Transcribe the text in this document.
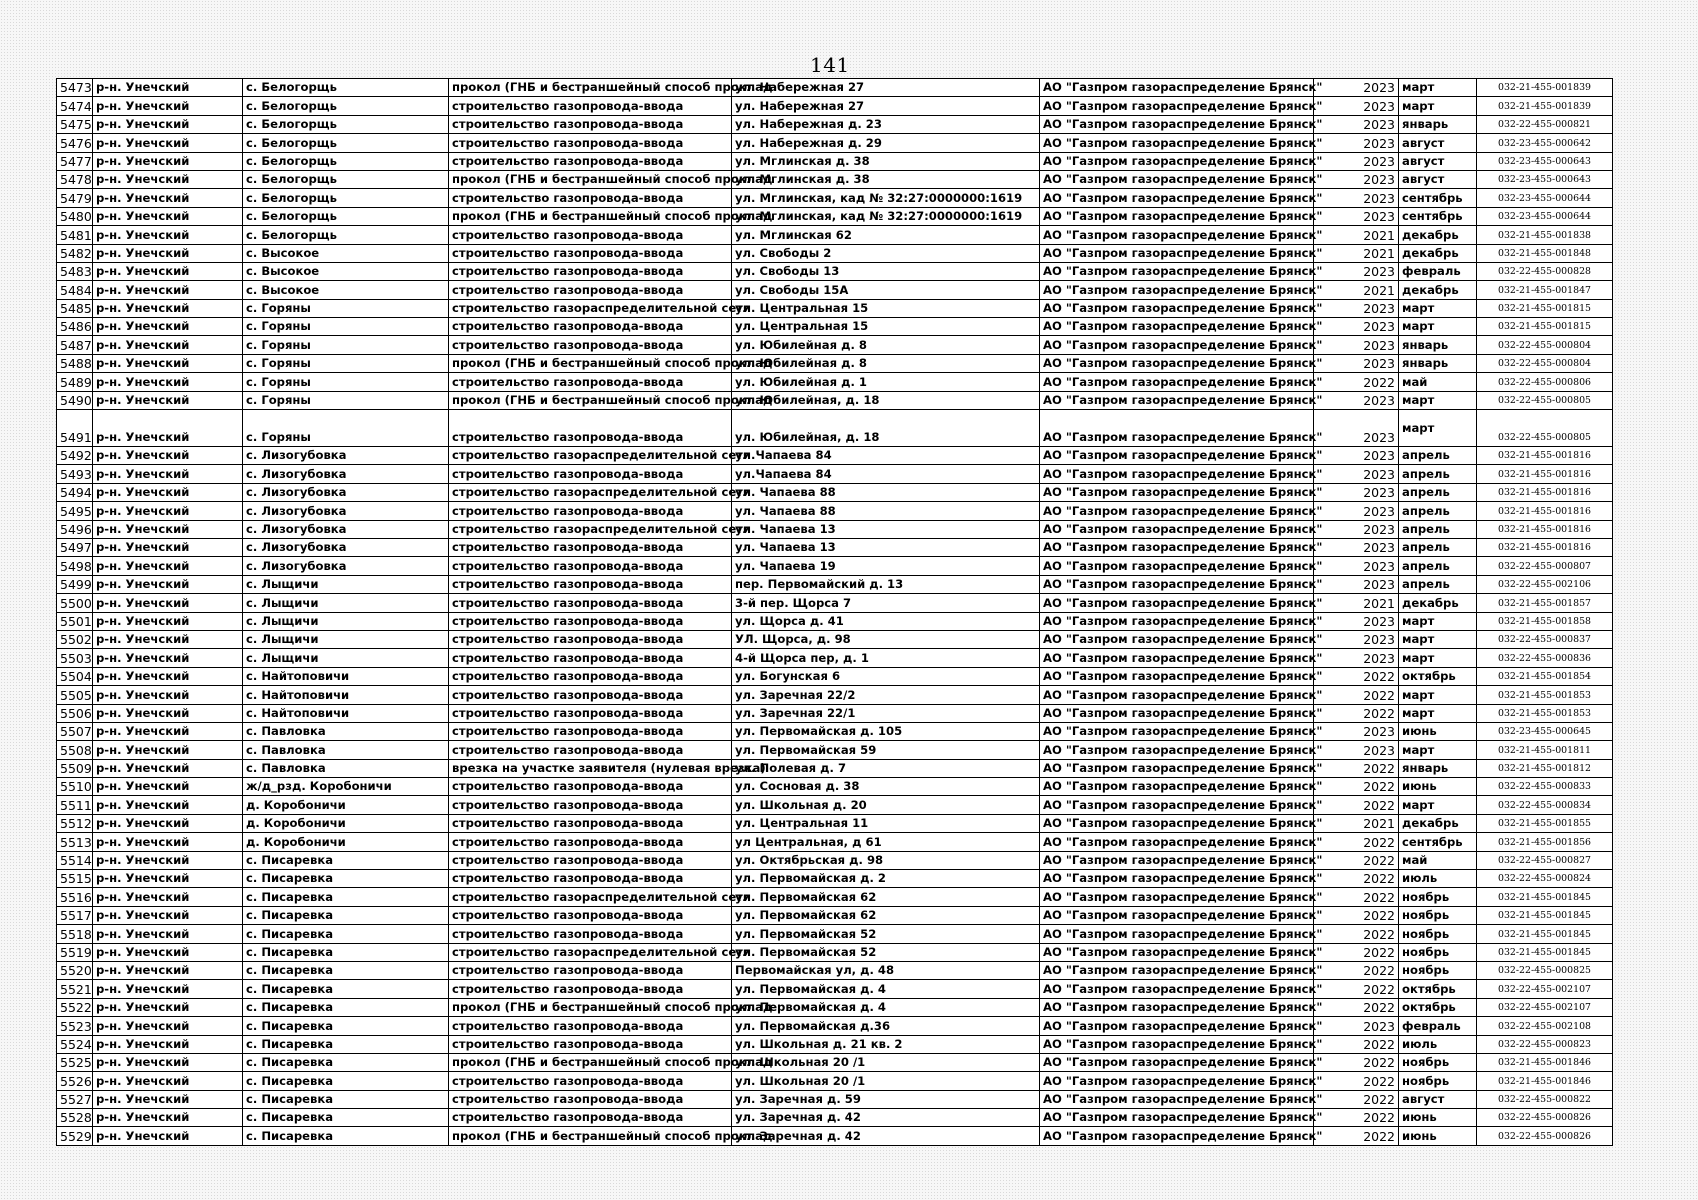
141
5473	р-н. Унечский	с. Белогорщь	прокол (ГНБ и бестраншейный способ проклад	ул. Набережная 27	АО "Газпром газораспределение Брянск"	2023	март	032-21-455-001839
5474	р-н. Унечский	с. Белогорщь	строительство газопровода-ввода	ул. Набережная 27	АО "Газпром газораспределение Брянск"	2023	март	032-21-455-001839
5475	р-н. Унечский	с. Белогорщь	строительство газопровода-ввода	ул. Набережная д. 23	АО "Газпром газораспределение Брянск"	2023	январь	032-22-455-000821
5476	р-н. Унечский	с. Белогорщь	строительство газопровода-ввода	ул. Набережная д. 29	АО "Газпром газораспределение Брянск"	2023	август	032-23-455-000642
5477	р-н. Унечский	с. Белогорщь	строительство газопровода-ввода	ул. Мглинская д. 38	АО "Газпром газораспределение Брянск"	2023	август	032-23-455-000643
5478	р-н. Унечский	с. Белогорщь	прокол (ГНБ и бестраншейный способ проклад	ул. Мглинская д. 38	АО "Газпром газораспределение Брянск"	2023	август	032-23-455-000643
5479	р-н. Унечский	с. Белогорщь	строительство газопровода-ввода	ул. Мглинская, кад № 32:27:0000000:1619	АО "Газпром газораспределение Брянск"	2023	сентябрь	032-23-455-000644
5480	р-н. Унечский	с. Белогорщь	прокол (ГНБ и бестраншейный способ проклад	ул. Мглинская, кад № 32:27:0000000:1619	АО "Газпром газораспределение Брянск"	2023	сентябрь	032-23-455-000644
5481	р-н. Унечский	с. Белогорщь	строительство газопровода-ввода	ул. Мглинская 62	АО "Газпром газораспределение Брянск"	2021	декабрь	032-21-455-001838
5482	р-н. Унечский	с. Высокое	строительство газопровода-ввода	ул. Свободы 2	АО "Газпром газораспределение Брянск"	2021	декабрь	032-21-455-001848
5483	р-н. Унечский	с. Высокое	строительство газопровода-ввода	ул. Свободы 13	АО "Газпром газораспределение Брянск"	2023	февраль	032-22-455-000828
5484	р-н. Унечский	с. Высокое	строительство газопровода-ввода	ул. Свободы 15А	АО "Газпром газораспределение Брянск"	2021	декабрь	032-21-455-001847
5485	р-н. Унечский	с. Горяны	строительство газораспределительной сети	ул. Центральная 15	АО "Газпром газораспределение Брянск"	2023	март	032-21-455-001815
5486	р-н. Унечский	с. Горяны	строительство газопровода-ввода	ул. Центральная 15	АО "Газпром газораспределение Брянск"	2023	март	032-21-455-001815
5487	р-н. Унечский	с. Горяны	строительство газопровода-ввода	ул. Юбилейная д. 8	АО "Газпром газораспределение Брянск"	2023	январь	032-22-455-000804
5488	р-н. Унечский	с. Горяны	прокол (ГНБ и бестраншейный способ проклад	ул. Юбилейная д. 8	АО "Газпром газораспределение Брянск"	2023	январь	032-22-455-000804
5489	р-н. Унечский	с. Горяны	строительство газопровода-ввода	ул. Юбилейная д. 1	АО "Газпром газораспределение Брянск"	2022	май	032-22-455-000806
5490	р-н. Унечский	с. Горяны	прокол (ГНБ и бестраншейный способ проклад	ул. Юбилейная, д. 18	АО "Газпром газораспределение Брянск"	2023	март	032-22-455-000805
5491	р-н. Унечский	с. Горяны	строительство газопровода-ввода	ул. Юбилейная, д. 18	АО "Газпром газораспределение Брянск"	2023	март	032-22-455-000805
5492	р-н. Унечский	с. Лизогубовка	строительство газораспределительной сети	ул.Чапаева 84	АО "Газпром газораспределение Брянск"	2023	апрель	032-21-455-001816
5493	р-н. Унечский	с. Лизогубовка	строительство газопровода-ввода	ул.Чапаева 84	АО "Газпром газораспределение Брянск"	2023	апрель	032-21-455-001816
5494	р-н. Унечский	с. Лизогубовка	строительство газораспределительной сети	ул. Чапаева 88	АО "Газпром газораспределение Брянск"	2023	апрель	032-21-455-001816
5495	р-н. Унечский	с. Лизогубовка	строительство газопровода-ввода	ул. Чапаева 88	АО "Газпром газораспределение Брянск"	2023	апрель	032-21-455-001816
5496	р-н. Унечский	с. Лизогубовка	строительство газораспределительной сети	ул. Чапаева 13	АО "Газпром газораспределение Брянск"	2023	апрель	032-21-455-001816
5497	р-н. Унечский	с. Лизогубовка	строительство газопровода-ввода	ул. Чапаева 13	АО "Газпром газораспределение Брянск"	2023	апрель	032-21-455-001816
5498	р-н. Унечский	с. Лизогубовка	строительство газопровода-ввода	ул. Чапаева 19	АО "Газпром газораспределение Брянск"	2023	апрель	032-22-455-000807
5499	р-н. Унечский	с. Лыщичи	строительство газопровода-ввода	пер. Первомайский д. 13	АО "Газпром газораспределение Брянск"	2023	апрель	032-22-455-002106
5500	р-н. Унечский	с. Лыщичи	строительство газопровода-ввода	3-й пер. Щорса 7	АО "Газпром газораспределение Брянск"	2021	декабрь	032-21-455-001857
5501	р-н. Унечский	с. Лыщичи	строительство газопровода-ввода	ул. Щорса д. 41	АО "Газпром газораспределение Брянск"	2023	март	032-21-455-001858
5502	р-н. Унечский	с. Лыщичи	строительство газопровода-ввода	УЛ. Щорса, д. 98	АО "Газпром газораспределение Брянск"	2023	март	032-22-455-000837
5503	р-н. Унечский	с. Лыщичи	строительство газопровода-ввода	4-й Щорса пер, д. 1	АО "Газпром газораспределение Брянск"	2023	март	032-22-455-000836
5504	р-н. Унечский	с. Найтоповичи	строительство газопровода-ввода	ул. Богунская 6	АО "Газпром газораспределение Брянск"	2022	октябрь	032-21-455-001854
5505	р-н. Унечский	с. Найтоповичи	строительство газопровода-ввода	ул. Заречная 22/2	АО "Газпром газораспределение Брянск"	2022	март	032-21-455-001853
5506	р-н. Унечский	с. Найтоповичи	строительство газопровода-ввода	ул. Заречная 22/1	АО "Газпром газораспределение Брянск"	2022	март	032-21-455-001853
5507	р-н. Унечский	с. Павловка	строительство газопровода-ввода	ул. Первомайская д. 105	АО "Газпром газораспределение Брянск"	2023	июнь	032-23-455-000645
5508	р-н. Унечский	с. Павловка	строительство газопровода-ввода	ул. Первомайская 59	АО "Газпром газораспределение Брянск"	2023	март	032-21-455-001811
5509	р-н. Унечский	с. Павловка	врезка на участке заявителя (нулевая врезка)	ул. Полевая д. 7	АО "Газпром газораспределение Брянск"	2022	январь	032-21-455-001812
5510	р-н. Унечский	ж/д_рзд. Коробоничи	строительство газопровода-ввода	ул. Сосновая д. 38	АО "Газпром газораспределение Брянск"	2022	июнь	032-22-455-000833
5511	р-н. Унечский	д. Коробоничи	строительство газопровода-ввода	ул. Школьная д. 20	АО "Газпром газораспределение Брянск"	2022	март	032-22-455-000834
5512	р-н. Унечский	д. Коробоничи	строительство газопровода-ввода	ул. Центральная 11	АО "Газпром газораспределение Брянск"	2021	декабрь	032-21-455-001855
5513	р-н. Унечский	д. Коробоничи	строительство газопровода-ввода	ул Центральная, д 61	АО "Газпром газораспределение Брянск"	2022	сентябрь	032-21-455-001856
5514	р-н. Унечский	с. Писаревка	строительство газопровода-ввода	ул. Октябрьская д. 98	АО "Газпром газораспределение Брянск"	2022	май	032-22-455-000827
5515	р-н. Унечский	с. Писаревка	строительство газопровода-ввода	ул. Первомайская д. 2	АО "Газпром газораспределение Брянск"	2022	июль	032-22-455-000824
5516	р-н. Унечский	с. Писаревка	строительство газораспределительной сети	ул. Первомайская 62	АО "Газпром газораспределение Брянск"	2022	ноябрь	032-21-455-001845
5517	р-н. Унечский	с. Писаревка	строительство газопровода-ввода	ул. Первомайская 62	АО "Газпром газораспределение Брянск"	2022	ноябрь	032-21-455-001845
5518	р-н. Унечский	с. Писаревка	строительство газопровода-ввода	ул. Первомайская 52	АО "Газпром газораспределение Брянск"	2022	ноябрь	032-21-455-001845
5519	р-н. Унечский	с. Писаревка	строительство газораспределительной сети	ул. Первомайская 52	АО "Газпром газораспределение Брянск"	2022	ноябрь	032-21-455-001845
5520	р-н. Унечский	с. Писаревка	строительство газопровода-ввода	Первомайская ул, д. 48	АО "Газпром газораспределение Брянск"	2022	ноябрь	032-22-455-000825
5521	р-н. Унечский	с. Писаревка	строительство газопровода-ввода	ул. Первомайская д. 4	АО "Газпром газораспределение Брянск"	2022	октябрь	032-22-455-002107
5522	р-н. Унечский	с. Писаревка	прокол (ГНБ и бестраншейный способ проклад	ул. Первомайская д. 4	АО "Газпром газораспределение Брянск"	2022	октябрь	032-22-455-002107
5523	р-н. Унечский	с. Писаревка	строительство газопровода-ввода	ул. Первомайская д.36	АО "Газпром газораспределение Брянск"	2023	февраль	032-22-455-002108
5524	р-н. Унечский	с. Писаревка	строительство газопровода-ввода	ул. Школьная д. 21 кв. 2	АО "Газпром газораспределение Брянск"	2022	июль	032-22-455-000823
5525	р-н. Унечский	с. Писаревка	прокол (ГНБ и бестраншейный способ проклад	ул. Школьная 20 /1	АО "Газпром газораспределение Брянск"	2022	ноябрь	032-21-455-001846
5526	р-н. Унечский	с. Писаревка	строительство газопровода-ввода	ул. Школьная 20 /1	АО "Газпром газораспределение Брянск"	2022	ноябрь	032-21-455-001846
5527	р-н. Унечский	с. Писаревка	строительство газопровода-ввода	ул. Заречная д. 59	АО "Газпром газораспределение Брянск"	2022	август	032-22-455-000822
5528	р-н. Унечский	с. Писаревка	строительство газопровода-ввода	ул. Заречная д. 42	АО "Газпром газораспределение Брянск"	2022	июнь	032-22-455-000826
5529	р-н. Унечский	с. Писаревка	прокол (ГНБ и бестраншейный способ проклад	ул. Заречная д. 42	АО "Газпром газораспределение Брянск"	2022	июнь	032-22-455-000826
